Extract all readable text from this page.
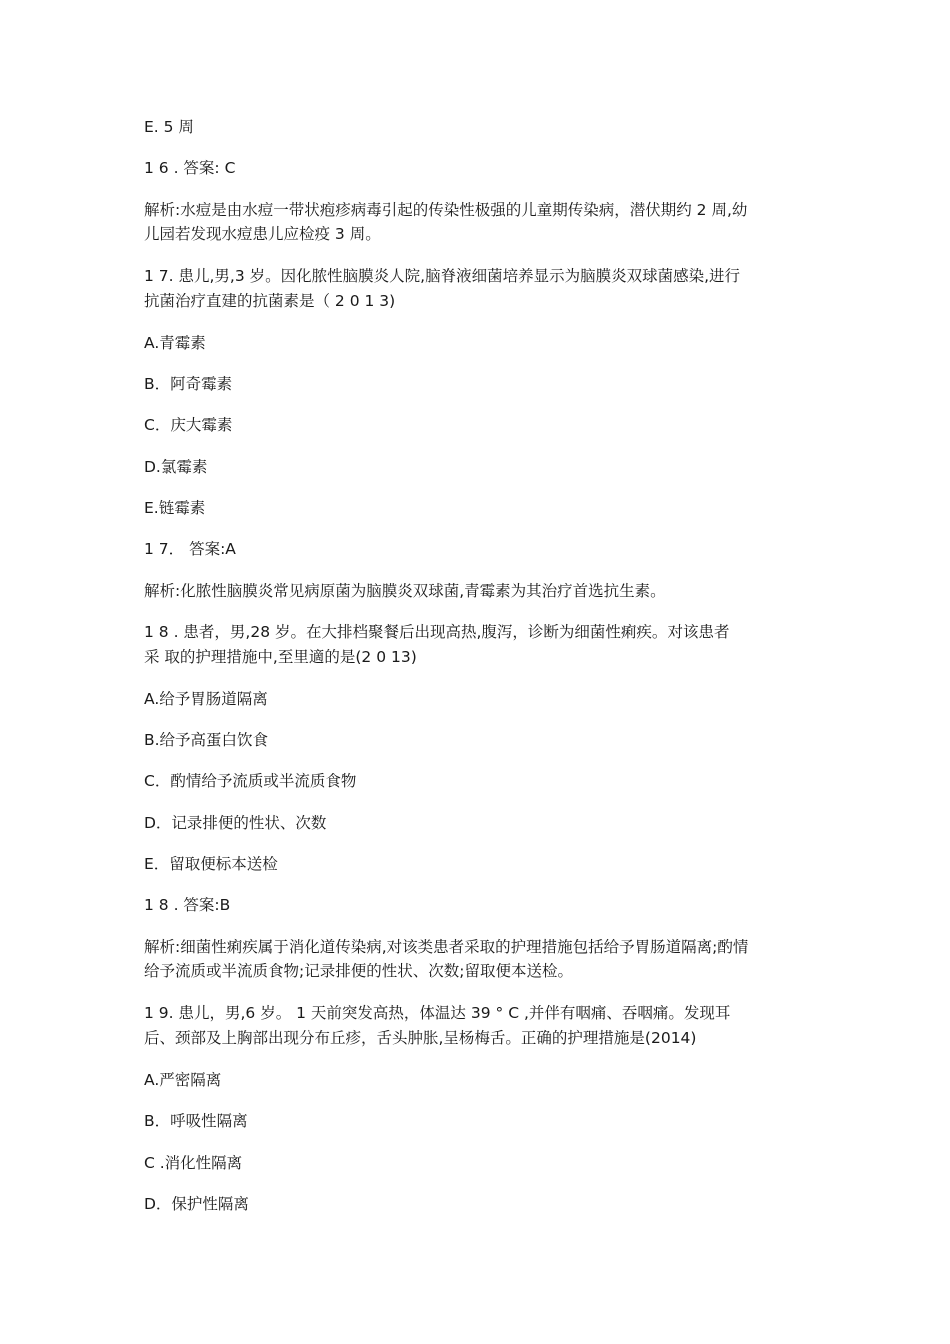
E. 5 周
1 6 . 答案: C
解析:水痘是由水痘一带状疱疹病毒引起的传染性极强的儿童期传染病，潜伏期约 2 周,幼
儿园若发现水痘患儿应检疫 3 周。
1 7. 患儿,男,3 岁。因化脓性脑膜炎人院,脑脊液细菌培养显示为脑膜炎双球菌感染,进行
抗菌治疗直建的抗菌素是（ 2 0 1 3)
A.青霉素
B．阿奇霉素
C．庆大霉素
D.氯霉素
E.链霉素
1 7． 答案:A
解析:化脓性脑膜炎常见病原菌为脑膜炎双球菌,青霉素为其治疗首选抗生素。
1 8 . 患者，男,28 岁。在大排档聚餐后出现高热,腹泻，诊断为细菌性痢疾。对该患者
采 取的护理措施中,至里適的是(2 0 13)
A.给予胃肠道隔离
B.给予高蛋白饮食
C．酌情给予流质或半流质食物
D．记录排便的性状、次数
E．留取便标本送检
1 8 . 答案:B
解析:细菌性痢疾属于消化道传染病,对该类患者采取的护理措施包括给予胃肠道隔离;酌情
给予流质或半流质食物;记录排便的性状、次数;留取便本送检。
1 9. 患儿，男,6 岁。 1 天前突发高热，体温达 39 ° C ,并伴有咽痛、吞咽痛。发现耳
后、颈部及上胸部出现分布丘疹，舌头肿胀,呈杨梅舌。正确的护理措施是(2014)
A.严密隔离
B．呼吸性隔离
C .消化性隔离
D．保护性隔离
